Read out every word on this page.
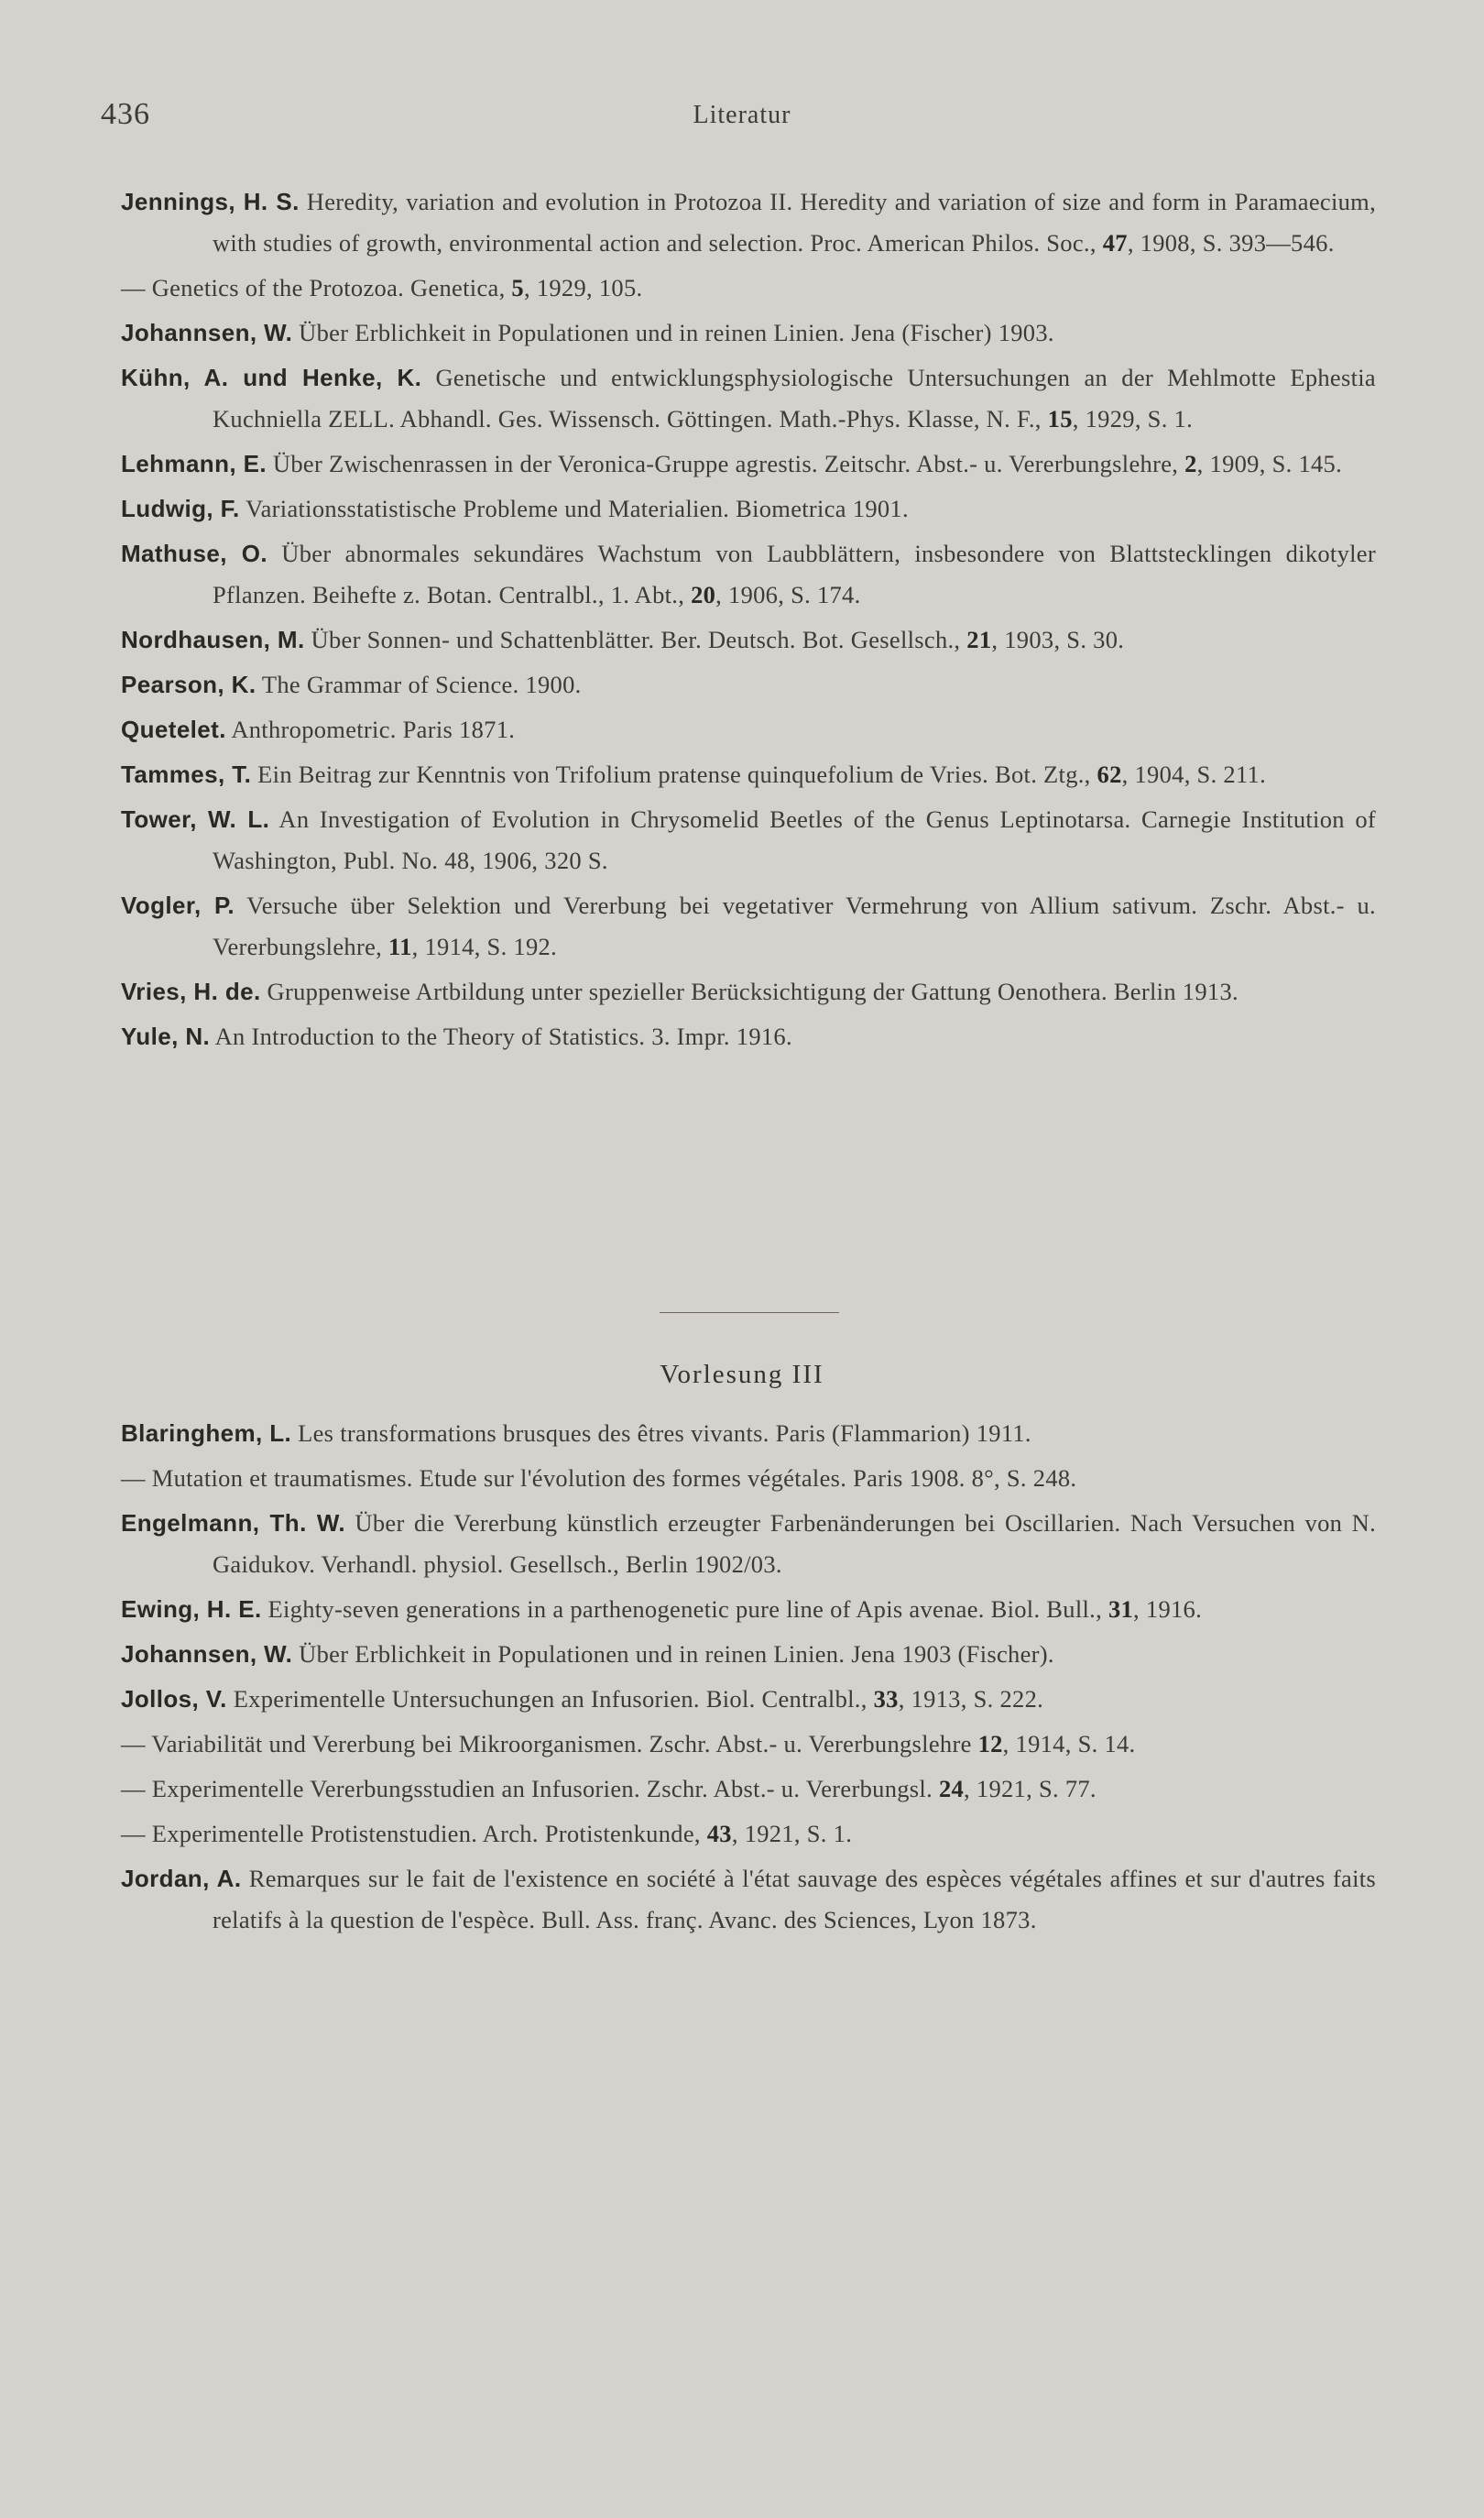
436	Literatur

Jennings, H. S. Heredity, variation and evolution in Protozoa II. Heredity and variation of size and form in Paramaecium, with studies of growth, environmental action and selection. Proc. American Philos. Soc., 47, 1908, S. 393—546.

— Genetics of the Protozoa. Genetica, 5, 1929, 105.

Johannsen, W. Über Erblichkeit in Populationen und in reinen Linien. Jena (Fischer) 1903.

Kühn, A. und Henke, K. Genetische und entwicklungsphysiologische Untersuchungen an der Mehlmotte Ephestia Kuchniella ZELL. Abhandl. Ges. Wissensch. Göttingen. Math.-Phys. Klasse, N. F., 15, 1929, S. 1.

Lehmann, E. Über Zwischenrassen in der Veronica-Gruppe agrestis. Zeitschr. Abst.- u. Vererbungslehre, 2, 1909, S. 145.

Ludwig, F. Variationsstatistische Probleme und Materialien. Biometrica 1901.

Mathuse, O. Über abnormales sekundäres Wachstum von Laubblättern, insbesondere von Blattstecklingen dikotyler Pflanzen. Beihefte z. Botan. Centralbl., 1. Abt., 20, 1906, S. 174.

Nordhausen, M. Über Sonnen- und Schattenblätter. Ber. Deutsch. Bot. Gesellsch., 21, 1903, S. 30.

Pearson, K. The Grammar of Science. 1900.

Quetelet. Anthropometric. Paris 1871.

Tammes, T. Ein Beitrag zur Kenntnis von Trifolium pratense quinquefolium de Vries. Bot. Ztg., 62, 1904, S. 211.

Tower, W. L. An Investigation of Evolution in Chrysomelid Beetles of the Genus Leptinotarsa. Carnegie Institution of Washington, Publ. No. 48, 1906, 320 S.

Vogler, P. Versuche über Selektion und Vererbung bei vegetativer Vermehrung von Allium sativum. Zschr. Abst.- u. Vererbungslehre, 11, 1914, S. 192.

Vries, H. de. Gruppenweise Artbildung unter spezieller Berücksichtigung der Gattung Oenothera. Berlin 1913.

Yule, N. An Introduction to the Theory of Statistics. 3. Impr. 1916.

Vorlesung III

Blaringhem, L. Les transformations brusques des êtres vivants. Paris (Flammarion) 1911.

— Mutation et traumatismes. Etude sur l'évolution des formes végétales. Paris 1908. 8°, S. 248.

Engelmann, Th. W. Über die Vererbung künstlich erzeugter Farbenänderungen bei Oscillarien. Nach Versuchen von N. Gaidukov. Verhandl. physiol. Gesellsch., Berlin 1902/03.

Ewing, H. E. Eighty-seven generations in a parthenogenetic pure line of Apis avenae. Biol. Bull., 31, 1916.

Johannsen, W. Über Erblichkeit in Populationen und in reinen Linien. Jena 1903 (Fischer).

Jollos, V. Experimentelle Untersuchungen an Infusorien. Biol. Centralbl., 33, 1913, S. 222.

— Variabilität und Vererbung bei Mikroorganismen. Zschr. Abst.- u. Vererbungslehre 12, 1914, S. 14.

— Experimentelle Vererbungsstudien an Infusorien. Zschr. Abst.- u. Vererbungsl. 24, 1921, S. 77.

— Experimentelle Protistenstudien. Arch. Protistenkunde, 43, 1921, S. 1.

Jordan, A. Remarques sur le fait de l'existence en société à l'état sauvage des espèces végétales affines et sur d'autres faits relatifs à la question de l'espèce. Bull. Ass. franç. Avanc. des Sciences, Lyon 1873.
